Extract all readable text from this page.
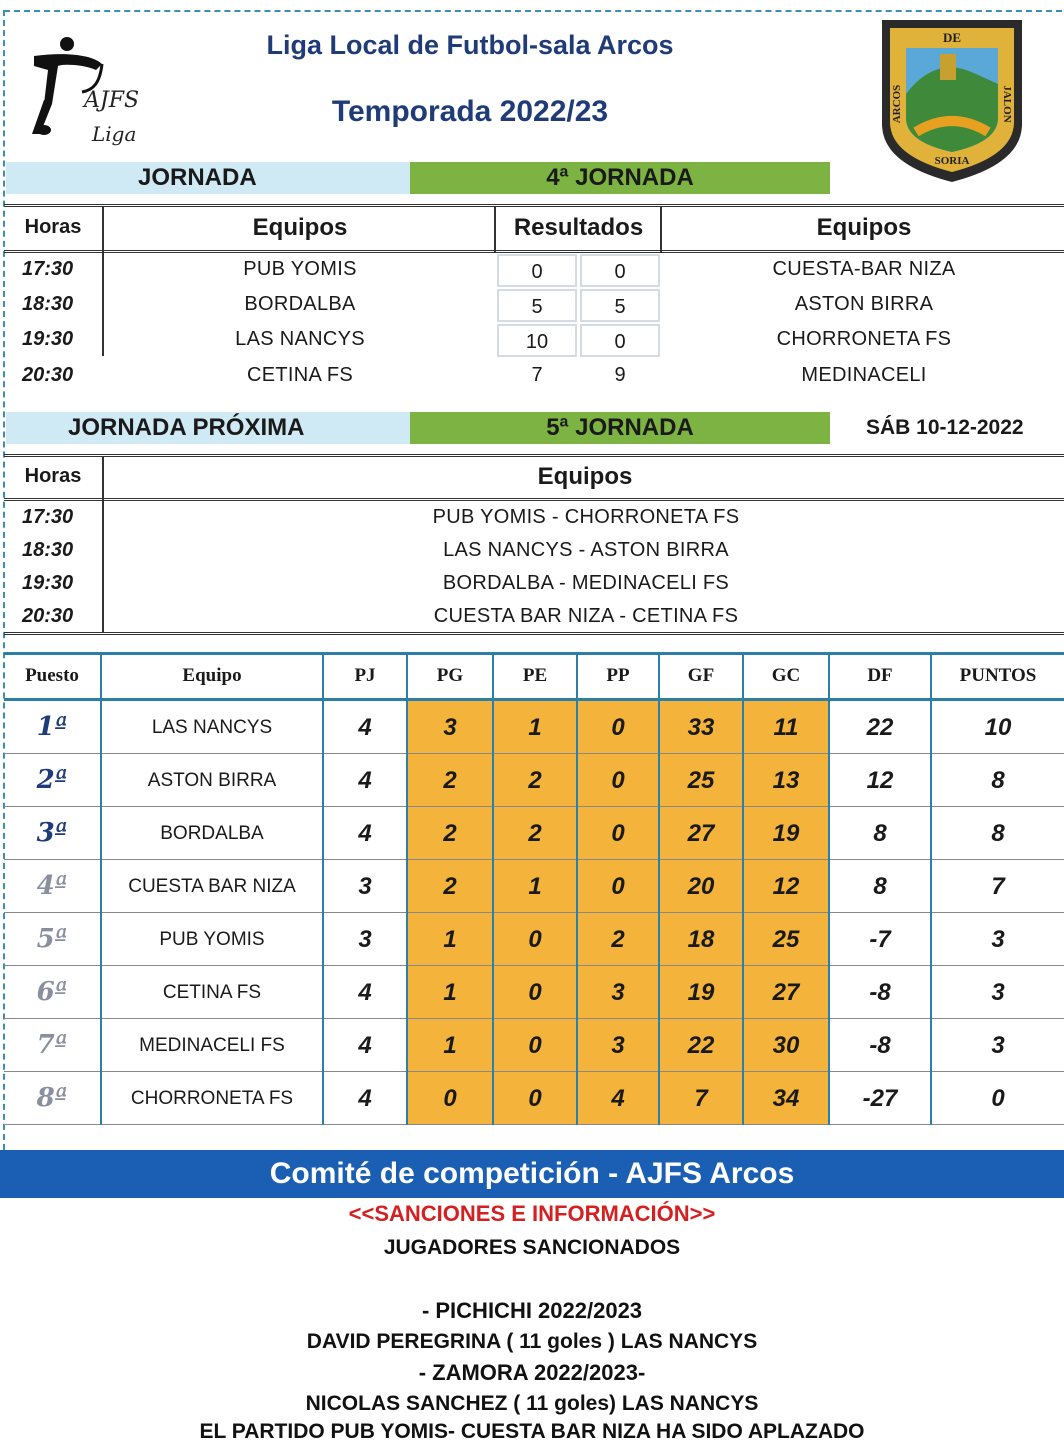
AJFS
Liga
Liga Local de Futbol-sala Arcos
Temporada 2022/23
DE
ARCOS	JALON
SORIA
JORNADA	4ª JORNADA
Horas	Equipos	Resultados	Equipos
17:30	PUB YOMIS	0	0	CUESTA-BAR NIZA
18:30	BORDALBA	5	5	ASTON BIRRA
19:30	LAS NANCYS	10	0	CHORRONETA FS
20:30	CETINA FS	7	9	MEDINACELI
JORNADA PRÓXIMA	5ª JORNADA	SÁB 10-12-2022
Horas	Equipos
17:30	PUB YOMIS - CHORRONETA FS
18:30	LAS NANCYS - ASTON BIRRA
19:30	BORDALBA - MEDINACELI FS
20:30	CUESTA BAR NIZA - CETINA FS
Puesto	Equipo	PJ	PG	PE	PP	GF	GC	DF	PUNTOS
1ª	LAS NANCYS	4	3	1	0	33	11	22	10
2ª	ASTON BIRRA	4	2	2	0	25	13	12	8
3ª	BORDALBA	4	2	2	0	27	19	8	8
4ª	CUESTA BAR NIZA	3	2	1	0	20	12	8	7
5ª	PUB YOMIS	3	1	0	2	18	25	-7	3
6ª	CETINA FS	4	1	0	3	19	27	-8	3
7ª	MEDINACELI FS	4	1	0	3	22	30	-8	3
8ª	CHORRONETA FS	4	0	0	4	7	34	-27	0
Comité de competición - AJFS Arcos
<<SANCIONES E INFORMACIÓN>>
JUGADORES SANCIONADOS
- PICHICHI 2022/2023
DAVID PEREGRINA ( 11 goles ) LAS NANCYS
- ZAMORA 2022/2023-
NICOLAS SANCHEZ ( 11 goles) LAS NANCYS
EL PARTIDO PUB YOMIS- CUESTA BAR NIZA HA SIDO APLAZADO
